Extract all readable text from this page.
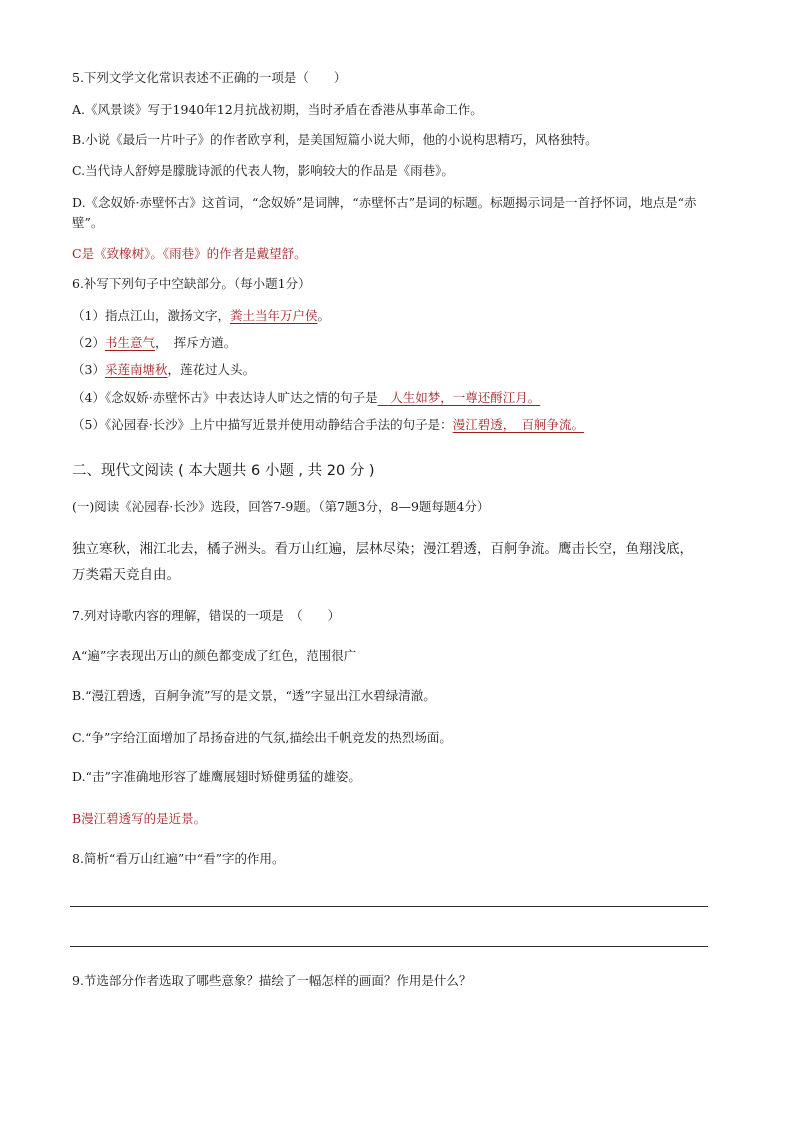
5.下列文学文化常识表述不正确的一项是（　　）
A.《风景谈》写于1940年12月抗战初期，当时矛盾在香港从事革命工作。
B.小说《最后一片叶子》的作者欧亨利，是美国短篇小说大师，他的小说构思精巧，风格独特。
C.当代诗人舒婷是朦胧诗派的代表人物，影响较大的作品是《雨巷》。
D.《念奴娇·赤壁怀古》这首词，“念奴娇”是词牌，“赤壁怀古”是词的标题。标题揭示词是一首抒怀词，地点是“赤壁”。
C是《致橡树》。《雨巷》的作者是戴望舒。
6.补写下列句子中空缺部分。（每小题1分）
（1）指点江山，激扬文字，粪土当年万户侯。
（2）书生意气，　挥斥方遒。
（3）采莲南塘秋，莲花过人头。
（4）《念奴娇·赤壁怀古》中表达诗人旷达之情的句子是　人生如梦，一尊还酹江月。
（5）《沁园春·长沙》上片中描写近景并使用动静结合手法的句子是：漫江碧透，　百舸争流。
二、现代文阅读 ( 本大题共 6 小题 , 共 20 分 )
(一)阅读《沁园春·长沙》选段，回答7-9题。（第7题3分，8—9题每题4分）
独立寒秋，湘江北去，橘子洲头。看万山红遍，层林尽染；漫江碧透，百舸争流。鹰击长空，鱼翔浅底，
万类霜天竞自由。
7.列对诗歌内容的理解，错误的一项是　（　　）
A“遍”字表现出万山的颜色都变成了红色，范围很广
B.“漫江碧透，百舸争流”写的是文景，“透”字显出江水碧绿清澈。
C.“争”字给江面增加了昂扬奋进的气氛,描绘出千帆竞发的热烈场面。
D.“击”字准确地形容了雄鹰展翅时矫健勇猛的雄姿。
B漫江碧透写的是近景。
8.简析“看万山红遍”中“看”字的作用。
9.节选部分作者选取了哪些意象？描绘了一幅怎样的画面？作用是什么？
